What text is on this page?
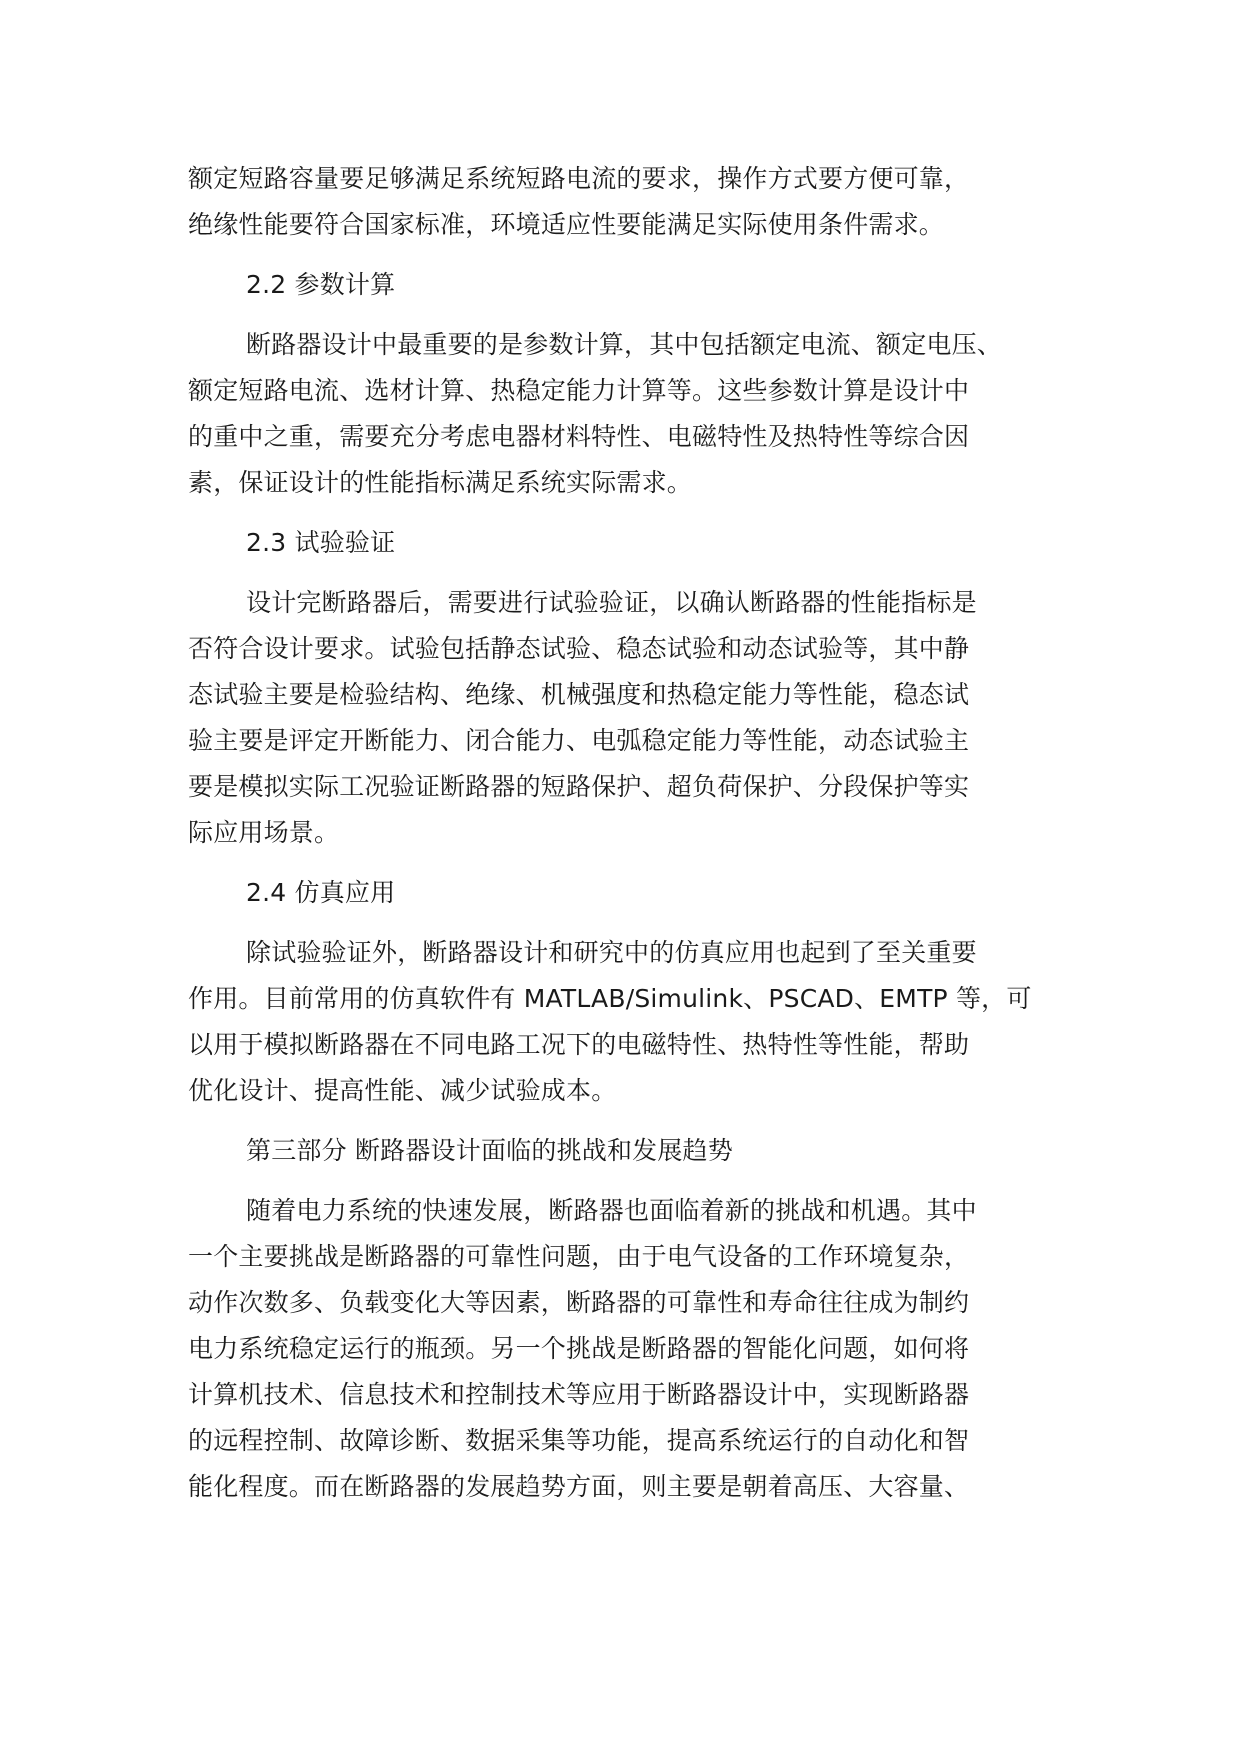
额定短路容量要足够满足系统短路电流的要求，操作方式要方便可靠，
绝缘性能要符合国家标准，环境适应性要能满足实际使用条件需求。
2.2 参数计算
断路器设计中最重要的是参数计算，其中包括额定电流、额定电压、
额定短路电流、选材计算、热稳定能力计算等。这些参数计算是设计中
的重中之重，需要充分考虑电器材料特性、电磁特性及热特性等综合因
素，保证设计的性能指标满足系统实际需求。
2.3 试验验证
设计完断路器后，需要进行试验验证，以确认断路器的性能指标是
否符合设计要求。试验包括静态试验、稳态试验和动态试验等，其中静
态试验主要是检验结构、绝缘、机械强度和热稳定能力等性能，稳态试
验主要是评定开断能力、闭合能力、电弧稳定能力等性能，动态试验主
要是模拟实际工况验证断路器的短路保护、超负荷保护、分段保护等实
际应用场景。
2.4 仿真应用
除试验验证外，断路器设计和研究中的仿真应用也起到了至关重要
作用。目前常用的仿真软件有 MATLAB/Simulink、PSCAD、EMTP 等，可
以用于模拟断路器在不同电路工况下的电磁特性、热特性等性能，帮助
优化设计、提高性能、减少试验成本。
第三部分 断路器设计面临的挑战和发展趋势
随着电力系统的快速发展，断路器也面临着新的挑战和机遇。其中
一个主要挑战是断路器的可靠性问题，由于电气设备的工作环境复杂，
动作次数多、负载变化大等因素，断路器的可靠性和寿命往往成为制约
电力系统稳定运行的瓶颈。另一个挑战是断路器的智能化问题，如何将
计算机技术、信息技术和控制技术等应用于断路器设计中，实现断路器
的远程控制、故障诊断、数据采集等功能，提高系统运行的自动化和智
能化程度。而在断路器的发展趋势方面，则主要是朝着高压、大容量、
